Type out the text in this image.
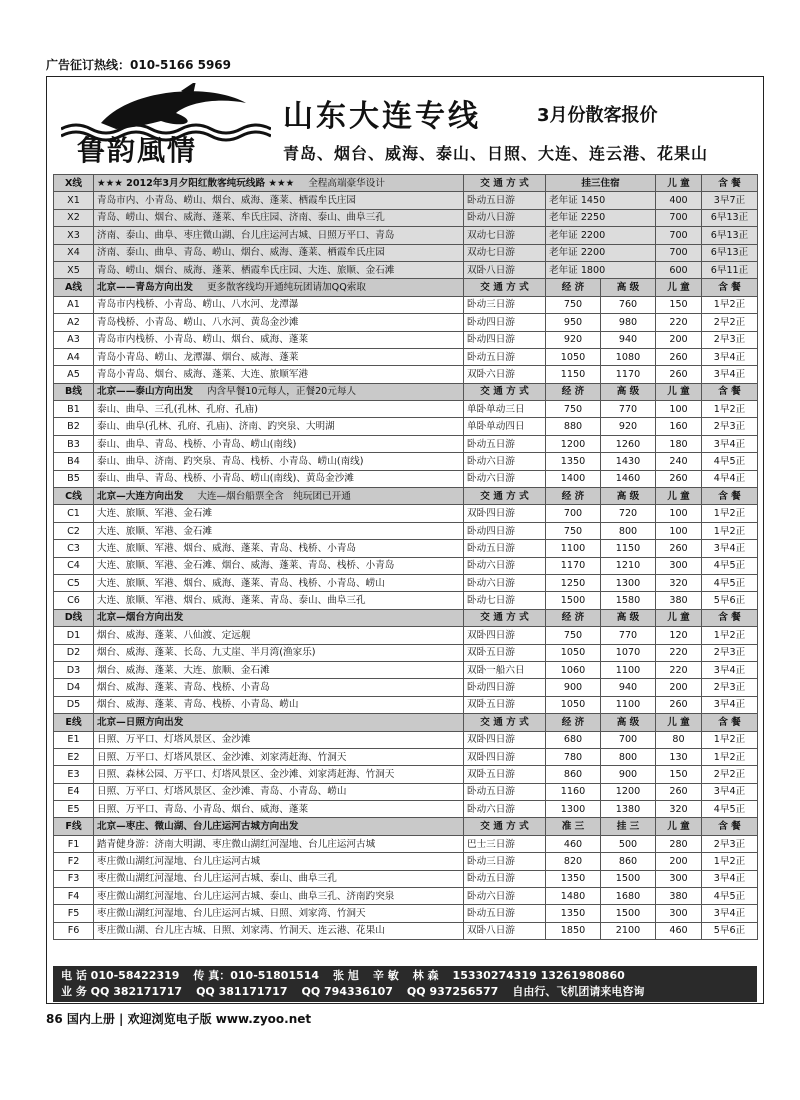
广告征订热线：010-5166 5969
鲁韵風情
山东大连专线	3月份散客报价
青岛、烟台、威海、泰山、日照、大连、连云港、花果山
X线	★★★ 2012年3月夕阳红散客纯玩线路 ★★★ 全程高端豪华设计	交 通 方 式	挂三住宿		儿 童	含 餐
X1	青岛市内、小青岛、崂山、烟台、威海、蓬莱、栖霞牟氏庄园	卧动五日游	老年证 1450		400	3早7正
X2	青岛、崂山、烟台、威海、蓬莱、牟氏庄园、济南、泰山、曲阜三孔	卧动八日游	老年证 2250		700	6早13正
X3	济南、泰山、曲阜、枣庄微山湖、台儿庄运河古城、日照万平口、青岛	双动七日游	老年证 2200		700	6早13正
X4	济南、泰山、曲阜、青岛、崂山、烟台、威海、蓬莱、栖霞牟氏庄园	双动七日游	老年证 2200		700	6早13正
X5	青岛、崂山、烟台、威海、蓬莱、栖霞牟氏庄园、大连、旅顺、金石滩	双卧八日游	老年证 1800		600	6早11正
A线	北京——青岛方向出发 更多散客线均开通纯玩团请加QQ索取	交 通 方 式	经 济	高 级	儿 童	含 餐
A1	青岛市内栈桥、小青岛、崂山、八水河、龙潭瀑	卧动三日游	750	760	150	1早2正
A2	青岛栈桥、小青岛、崂山、八水河、黄岛金沙滩	卧动四日游	950	980	220	2早2正
A3	青岛市内栈桥、小青岛、崂山、烟台、威海、蓬莱	卧动四日游	920	940	200	2早3正
A4	青岛小青岛、崂山、龙潭瀑、烟台、威海、蓬莱	卧动五日游	1050	1080	260	3早4正
A5	青岛小青岛、烟台、威海、蓬莱、大连、旅顺军港	双卧六日游	1150	1170	260	3早4正
B线	北京——泰山方向出发 内含早餐10元每人，正餐20元每人	交 通 方 式	经 济	高 级	儿 童	含 餐
B1	泰山、曲阜、三孔(孔林、孔府、孔庙)	单卧单动三日	750	770	100	1早2正
B2	泰山、曲阜(孔林、孔府、孔庙)、济南、趵突泉、大明湖	单卧单动四日	880	920	160	2早3正
B3	泰山、曲阜、青岛、栈桥、小青岛、崂山(南线)	卧动五日游	1200	1260	180	3早4正
B4	泰山、曲阜、济南、趵突泉、青岛、栈桥、小青岛、崂山(南线)	卧动六日游	1350	1430	240	4早5正
B5	泰山、曲阜、青岛、栈桥、小青岛、崂山(南线)、黄岛金沙滩	卧动六日游	1400	1460	260	4早4正
C线	北京—大连方向出发 大连—烟台船票全含　纯玩团已开通	交 通 方 式	经 济	高 级	儿 童	含 餐
C1	大连、旅顺、军港、金石滩	双卧四日游	700	720	100	1早2正
C2	大连、旅顺、军港、金石滩	卧动四日游	750	800	100	1早2正
C3	大连、旅顺、军港、烟台、威海、蓬莱、青岛、栈桥、小青岛	卧动五日游	1100	1150	260	3早4正
C4	大连、旅顺、军港、金石滩、烟台、威海、蓬莱、青岛、栈桥、小青岛	卧动六日游	1170	1210	300	4早5正
C5	大连、旅顺、军港、烟台、威海、蓬莱、青岛、栈桥、小青岛、崂山	卧动六日游	1250	1300	320	4早5正
C6	大连、旅顺、军港、烟台、威海、蓬莱、青岛、泰山、曲阜三孔	卧动七日游	1500	1580	380	5早6正
D线	北京—烟台方向出发	交 通 方 式	经 济	高 级	儿 童	含 餐
D1	烟台、威海、蓬莱、八仙渡、定远舰	双卧四日游	750	770	120	1早2正
D2	烟台、威海、蓬莱、长岛、九丈崖、半月湾(渔家乐)	双卧五日游	1050	1070	220	2早3正
D3	烟台、威海、蓬莱、大连、旅顺、金石滩	双卧一船六日	1060	1100	220	3早4正
D4	烟台、威海、蓬莱、青岛、栈桥、小青岛	卧动四日游	900	940	200	2早3正
D5	烟台、威海、蓬莱、青岛、栈桥、小青岛、崂山	双卧五日游	1050	1100	260	3早4正
E线	北京—日照方向出发	交 通 方 式	经 济	高 级	儿 童	含 餐
E1	日照、万平口、灯塔风景区、金沙滩	双卧四日游	680	700	80	1早2正
E2	日照、万平口、灯塔风景区、金沙滩、刘家湾赶海、竹洞天	双卧四日游	780	800	130	1早2正
E3	日照、森林公园、万平口、灯塔风景区、金沙滩、刘家湾赶海、竹洞天	双卧五日游	860	900	150	2早2正
E4	日照、万平口、灯塔风景区、金沙滩、青岛、小青岛、崂山	卧动五日游	1160	1200	260	3早4正
E5	日照、万平口、青岛、小青岛、烟台、威海、蓬莱	卧动六日游	1300	1380	320	4早5正
F线	北京—枣庄、微山湖、台儿庄运河古城方向出发	交 通 方 式	准 三	挂 三	儿 童	含 餐
F1	踏青健身游：济南大明湖、枣庄微山湖红河湿地、台儿庄运河古城	巴士三日游	460	500	280	2早3正
F2	枣庄微山湖红河湿地、台儿庄运河古城	卧动三日游	820	860	200	1早2正
F3	枣庄微山湖红河湿地、台儿庄运河古城、泰山、曲阜三孔	卧动五日游	1350	1500	300	3早4正
F4	枣庄微山湖红河湿地、台儿庄运河古城、泰山、曲阜三孔、济南趵突泉	卧动六日游	1480	1680	380	4早5正
F5	枣庄微山湖红河湿地、台儿庄运河古城、日照、刘家湾、竹洞天	卧动五日游	1350	1500	300	3早4正
F6	枣庄微山湖、台儿庄古城、日照、刘家湾、竹洞天、连云港、花果山	双卧八日游	1850	2100	460	5早6正
电 话 010-58422319 传 真：010-51801514 张 旭 辛 敏 林 森 15330274319 13261980860
业 务 QQ 382171717 QQ 381171717 QQ 794336107 QQ 937256577 自由行、飞机团请来电咨询
86 国内上册 | 欢迎浏览电子版 www.zyoo.net
